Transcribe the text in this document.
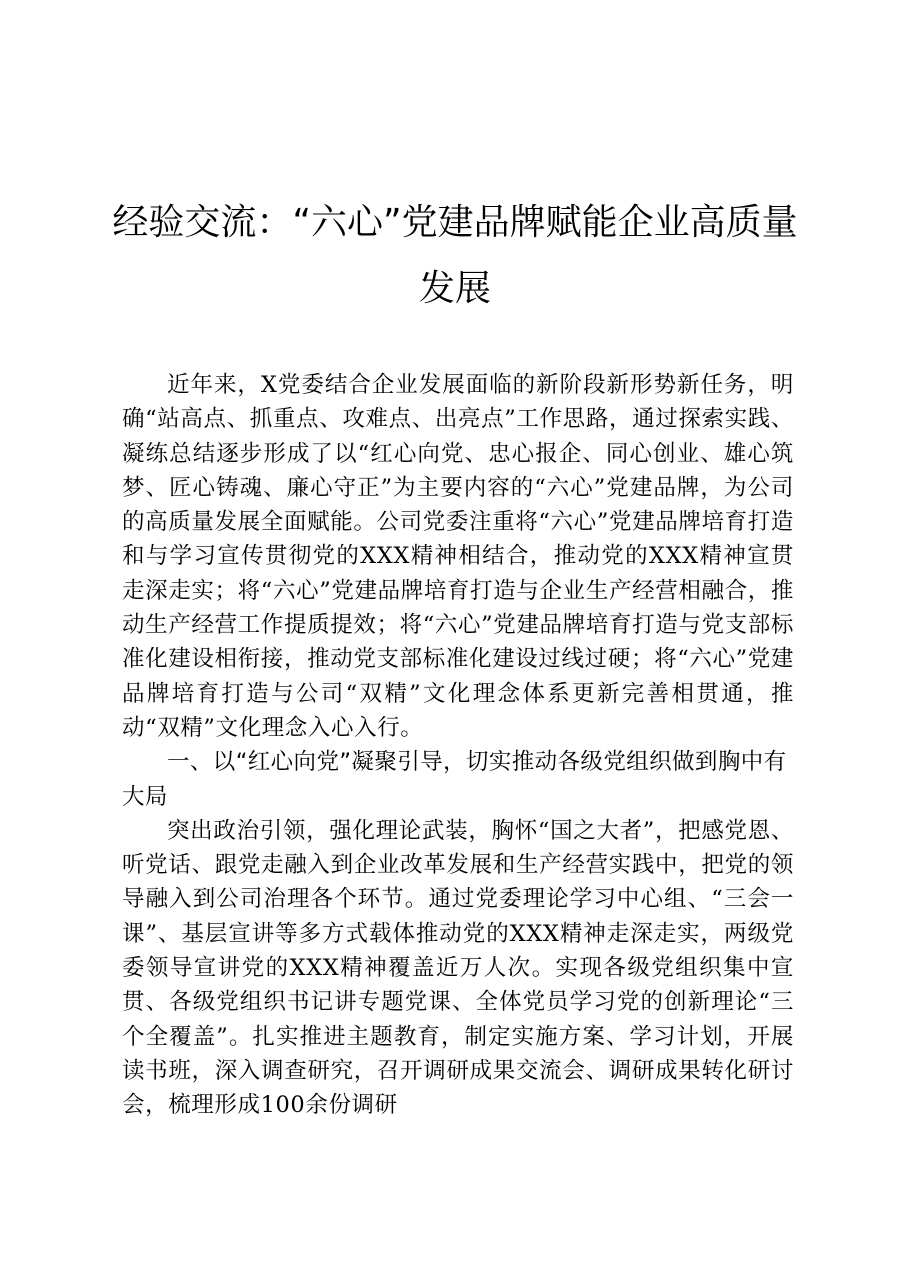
经验交流：“六心”党建品牌赋能企业高质量发展

近年来，X党委结合企业发展面临的新阶段新形势新任务，明确“站高点、抓重点、攻难点、出亮点”工作思路，通过探索实践、凝练总结逐步形成了以“红心向党、忠心报企、同心创业、雄心筑梦、匠心铸魂、廉心守正”为主要内容的“六心”党建品牌，为公司的高质量发展全面赋能。公司党委注重将“六心”党建品牌培育打造和与学习宣传贯彻党的XXX精神相结合，推动党的XXX精神宣贯走深走实；将“六心”党建品牌培育打造与企业生产经营相融合，推动生产经营工作提质提效；将“六心”党建品牌培育打造与党支部标准化建设相衔接，推动党支部标准化建设过线过硬；将“六心”党建品牌培育打造与公司“双精”文化理念体系更新完善相贯通，推动“双精”文化理念入心入行。

一、以“红心向党”凝聚引导，切实推动各级党组织做到胸中有大局

突出政治引领，强化理论武装，胸怀“国之大者”，把感党恩、听党话、跟党走融入到企业改革发展和生产经营实践中，把党的领导融入到公司治理各个环节。通过党委理论学习中心组、“三会一课”、基层宣讲等多方式载体推动党的XXX精神走深走实，两级党委领导宣讲党的XXX精神覆盖近万人次。实现各级党组织集中宣贯、各级党组织书记讲专题党课、全体党员学习党的创新理论“三个全覆盖”。扎实推进主题教育，制定实施方案、学习计划，开展读书班，深入调查研究，召开调研成果交流会、调研成果转化研讨会，梳理形成100余份调研
